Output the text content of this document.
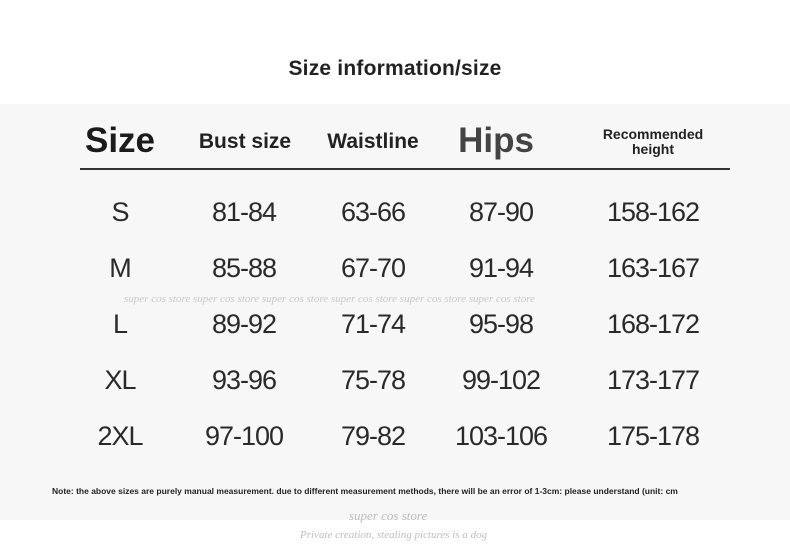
Size information/size
Size	Bust size	Waistline	Hips	Recommended height
super cos store super cos store super cos store super cos store super cos store super cos store
S	81-84	63-66	87-90	158-162
M	85-88	67-70	91-94	163-167
L	89-92	71-74	95-98	168-172
XL	93-96	75-78	99-102	173-177
2XL	97-100	79-82	103-106	175-178
Note: the above sizes are purely manual measurement. due to different measurement methods, there will be an error of 1-3cm: please understand (unit: cm
super cos store
Private creation, stealing pictures is a dog
